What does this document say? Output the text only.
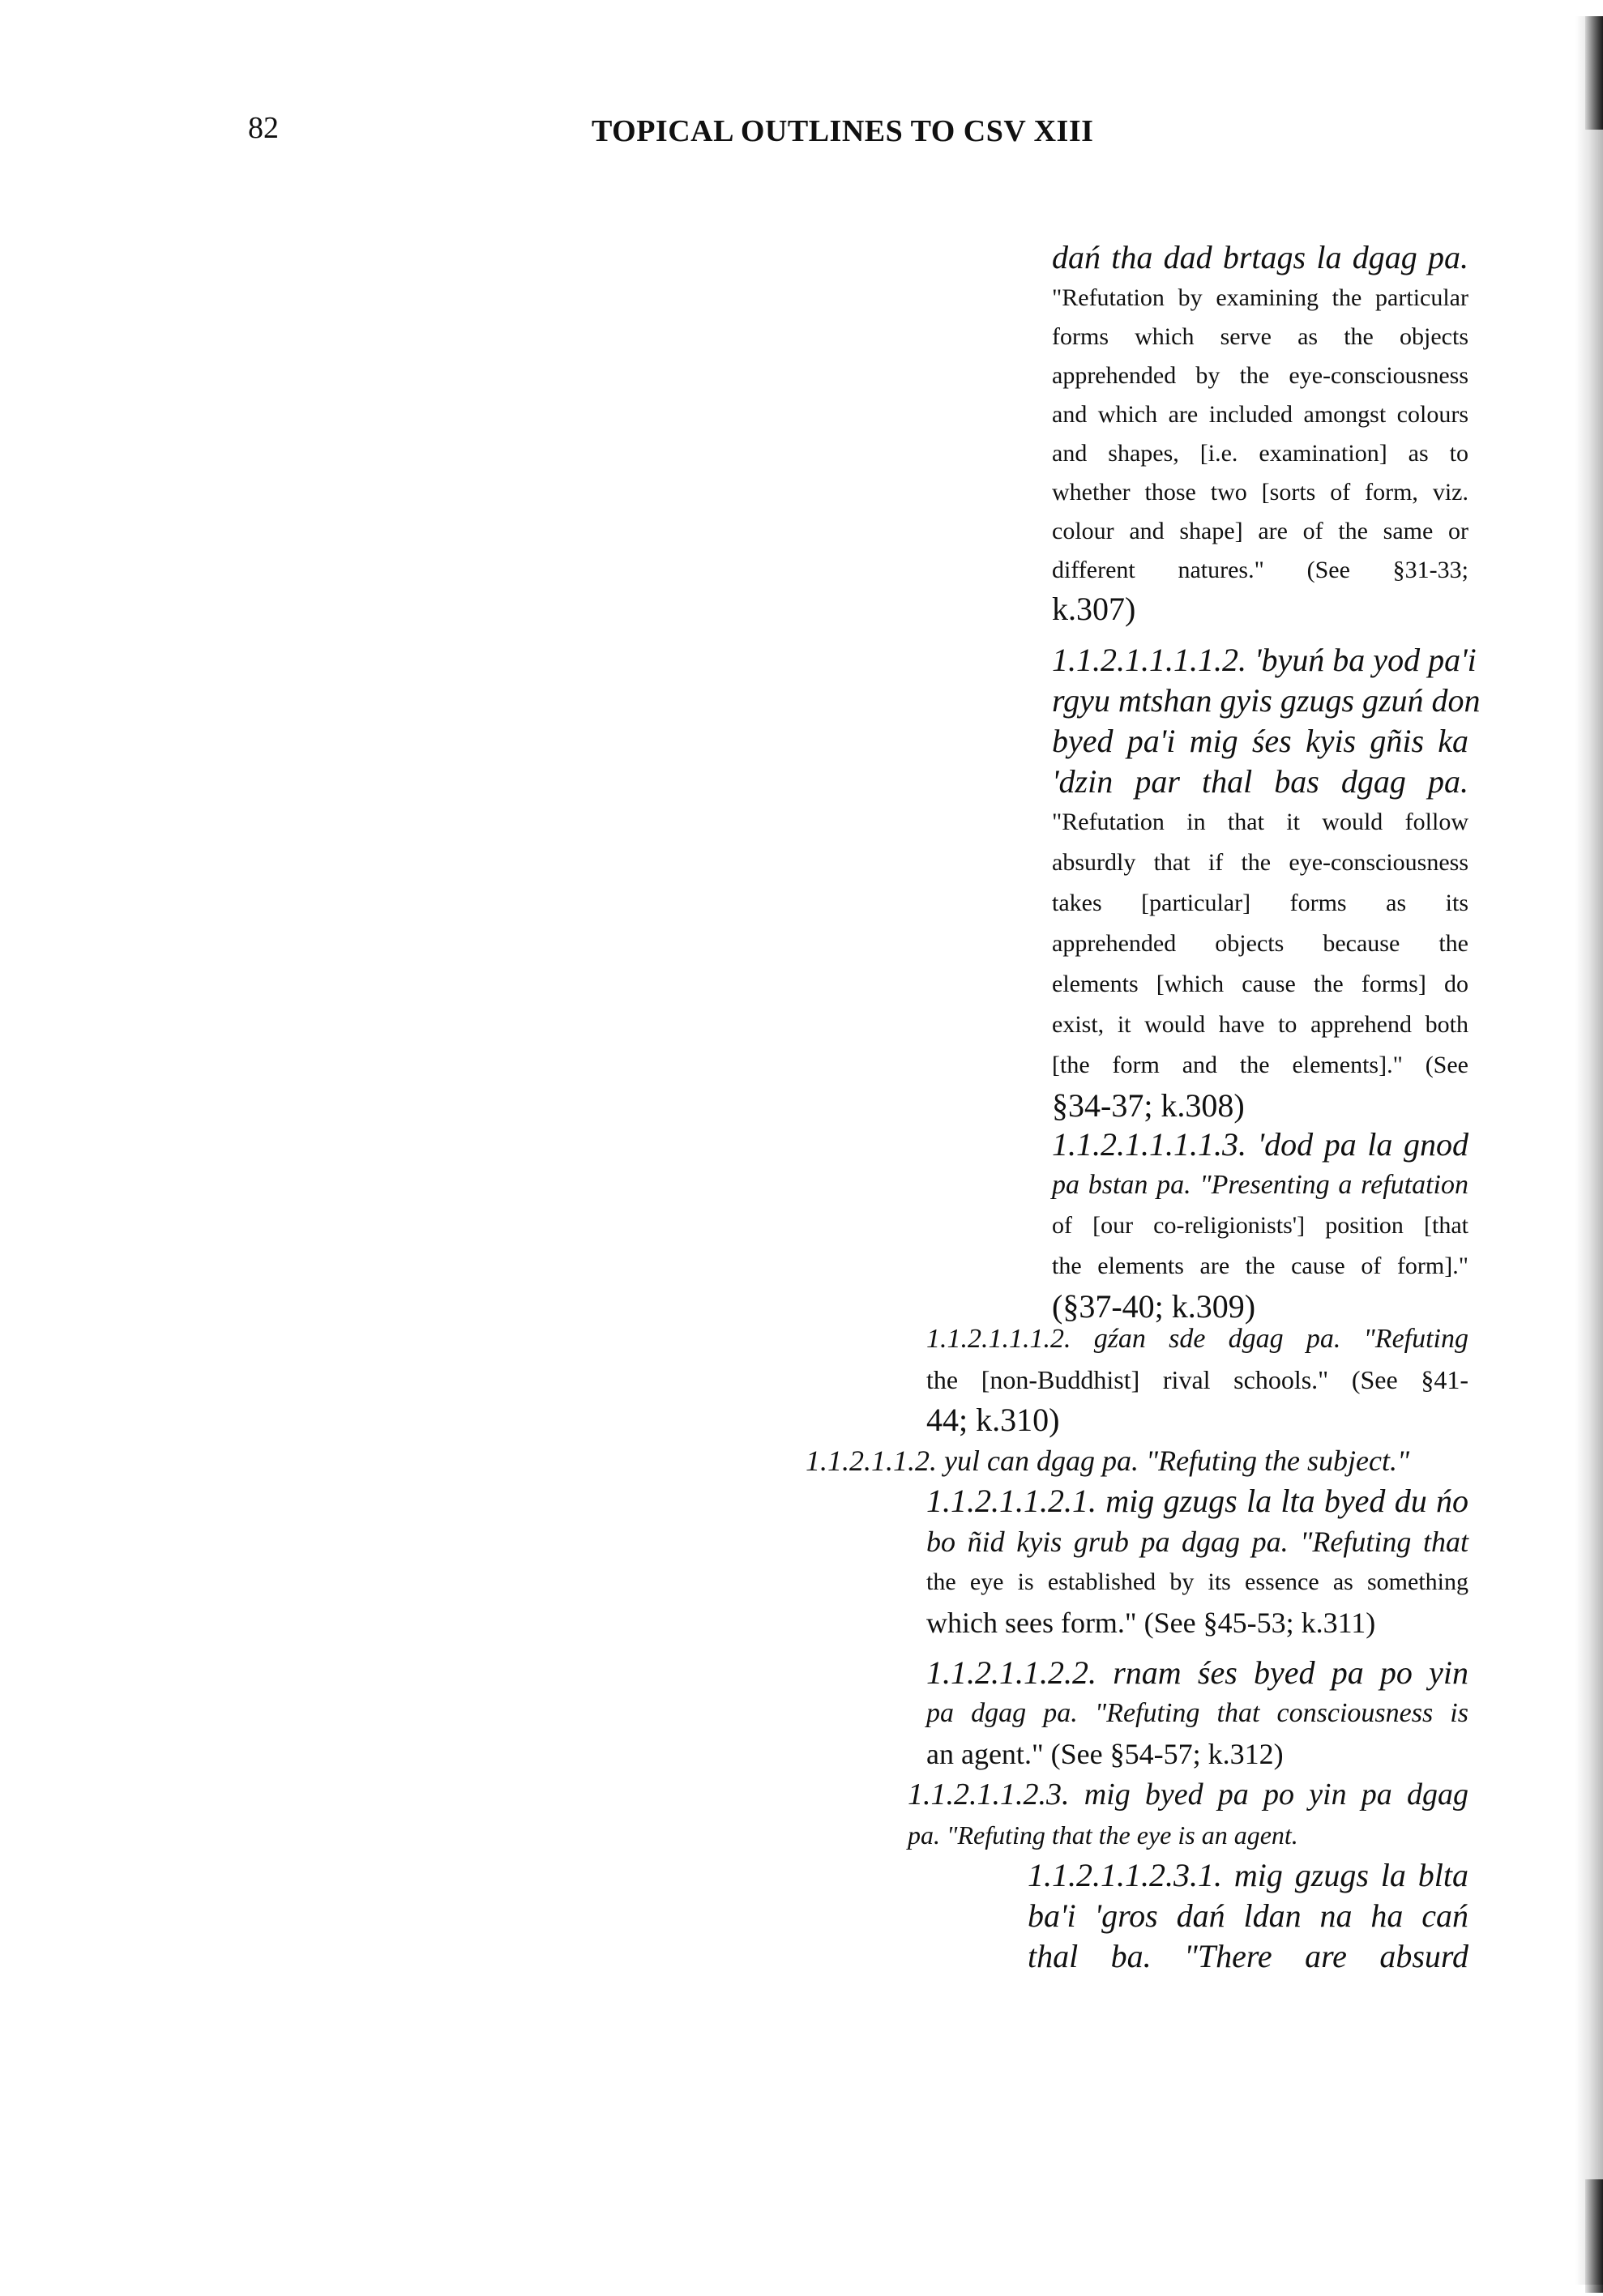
82	TOPICAL OUTLINES TO CSV XIII
dań tha dad brtags la dgag pa.
"Refutation by examining the particular
forms which serve as the objects
apprehended by the eye-consciousness
and which are included amongst colours
and shapes, [i.e. examination] as to
whether those two [sorts of form, viz.
colour and shape] are of the same or
different natures." (See §31-33;
k.307)
1.1.2.1.1.1.1.2. 'byuń ba yod pa'i
rgyu mtshan gyis gzugs gzuń don
byed pa'i mig śes kyis gñis ka
'dzin par thal bas dgag pa.
"Refutation in that it would follow
absurdly that if the eye-consciousness
takes [particular] forms as its
apprehended objects because the
elements [which cause the forms] do
exist, it would have to apprehend both
[the form and the elements]." (See
§34-37; k.308)
1.1.2.1.1.1.1.3. 'dod pa la gnod
pa bstan pa. "Presenting a refutation
of [our co-religionists'] position [that
the elements are the cause of form]."
(§37-40; k.309)
1.1.2.1.1.1.2. gźan sde dgag pa. "Refuting
the [non-Buddhist] rival schools." (See §41-
44; k.310)
1.1.2.1.1.2. yul can dgag pa. "Refuting the subject."
1.1.2.1.1.2.1. mig gzugs la lta byed du ńo
bo ñid kyis grub pa dgag pa. "Refuting that
the eye is established by its essence as something
which sees form." (See §45-53; k.311)
1.1.2.1.1.2.2. rnam śes byed pa po yin
pa dgag pa. "Refuting that consciousness is
an agent." (See §54-57; k.312)
1.1.2.1.1.2.3. mig byed pa po yin pa dgag
pa. "Refuting that the eye is an agent.
1.1.2.1.1.2.3.1. mig gzugs la blta
ba'i 'gros dań ldan na ha cań
thal ba. "There are absurd
